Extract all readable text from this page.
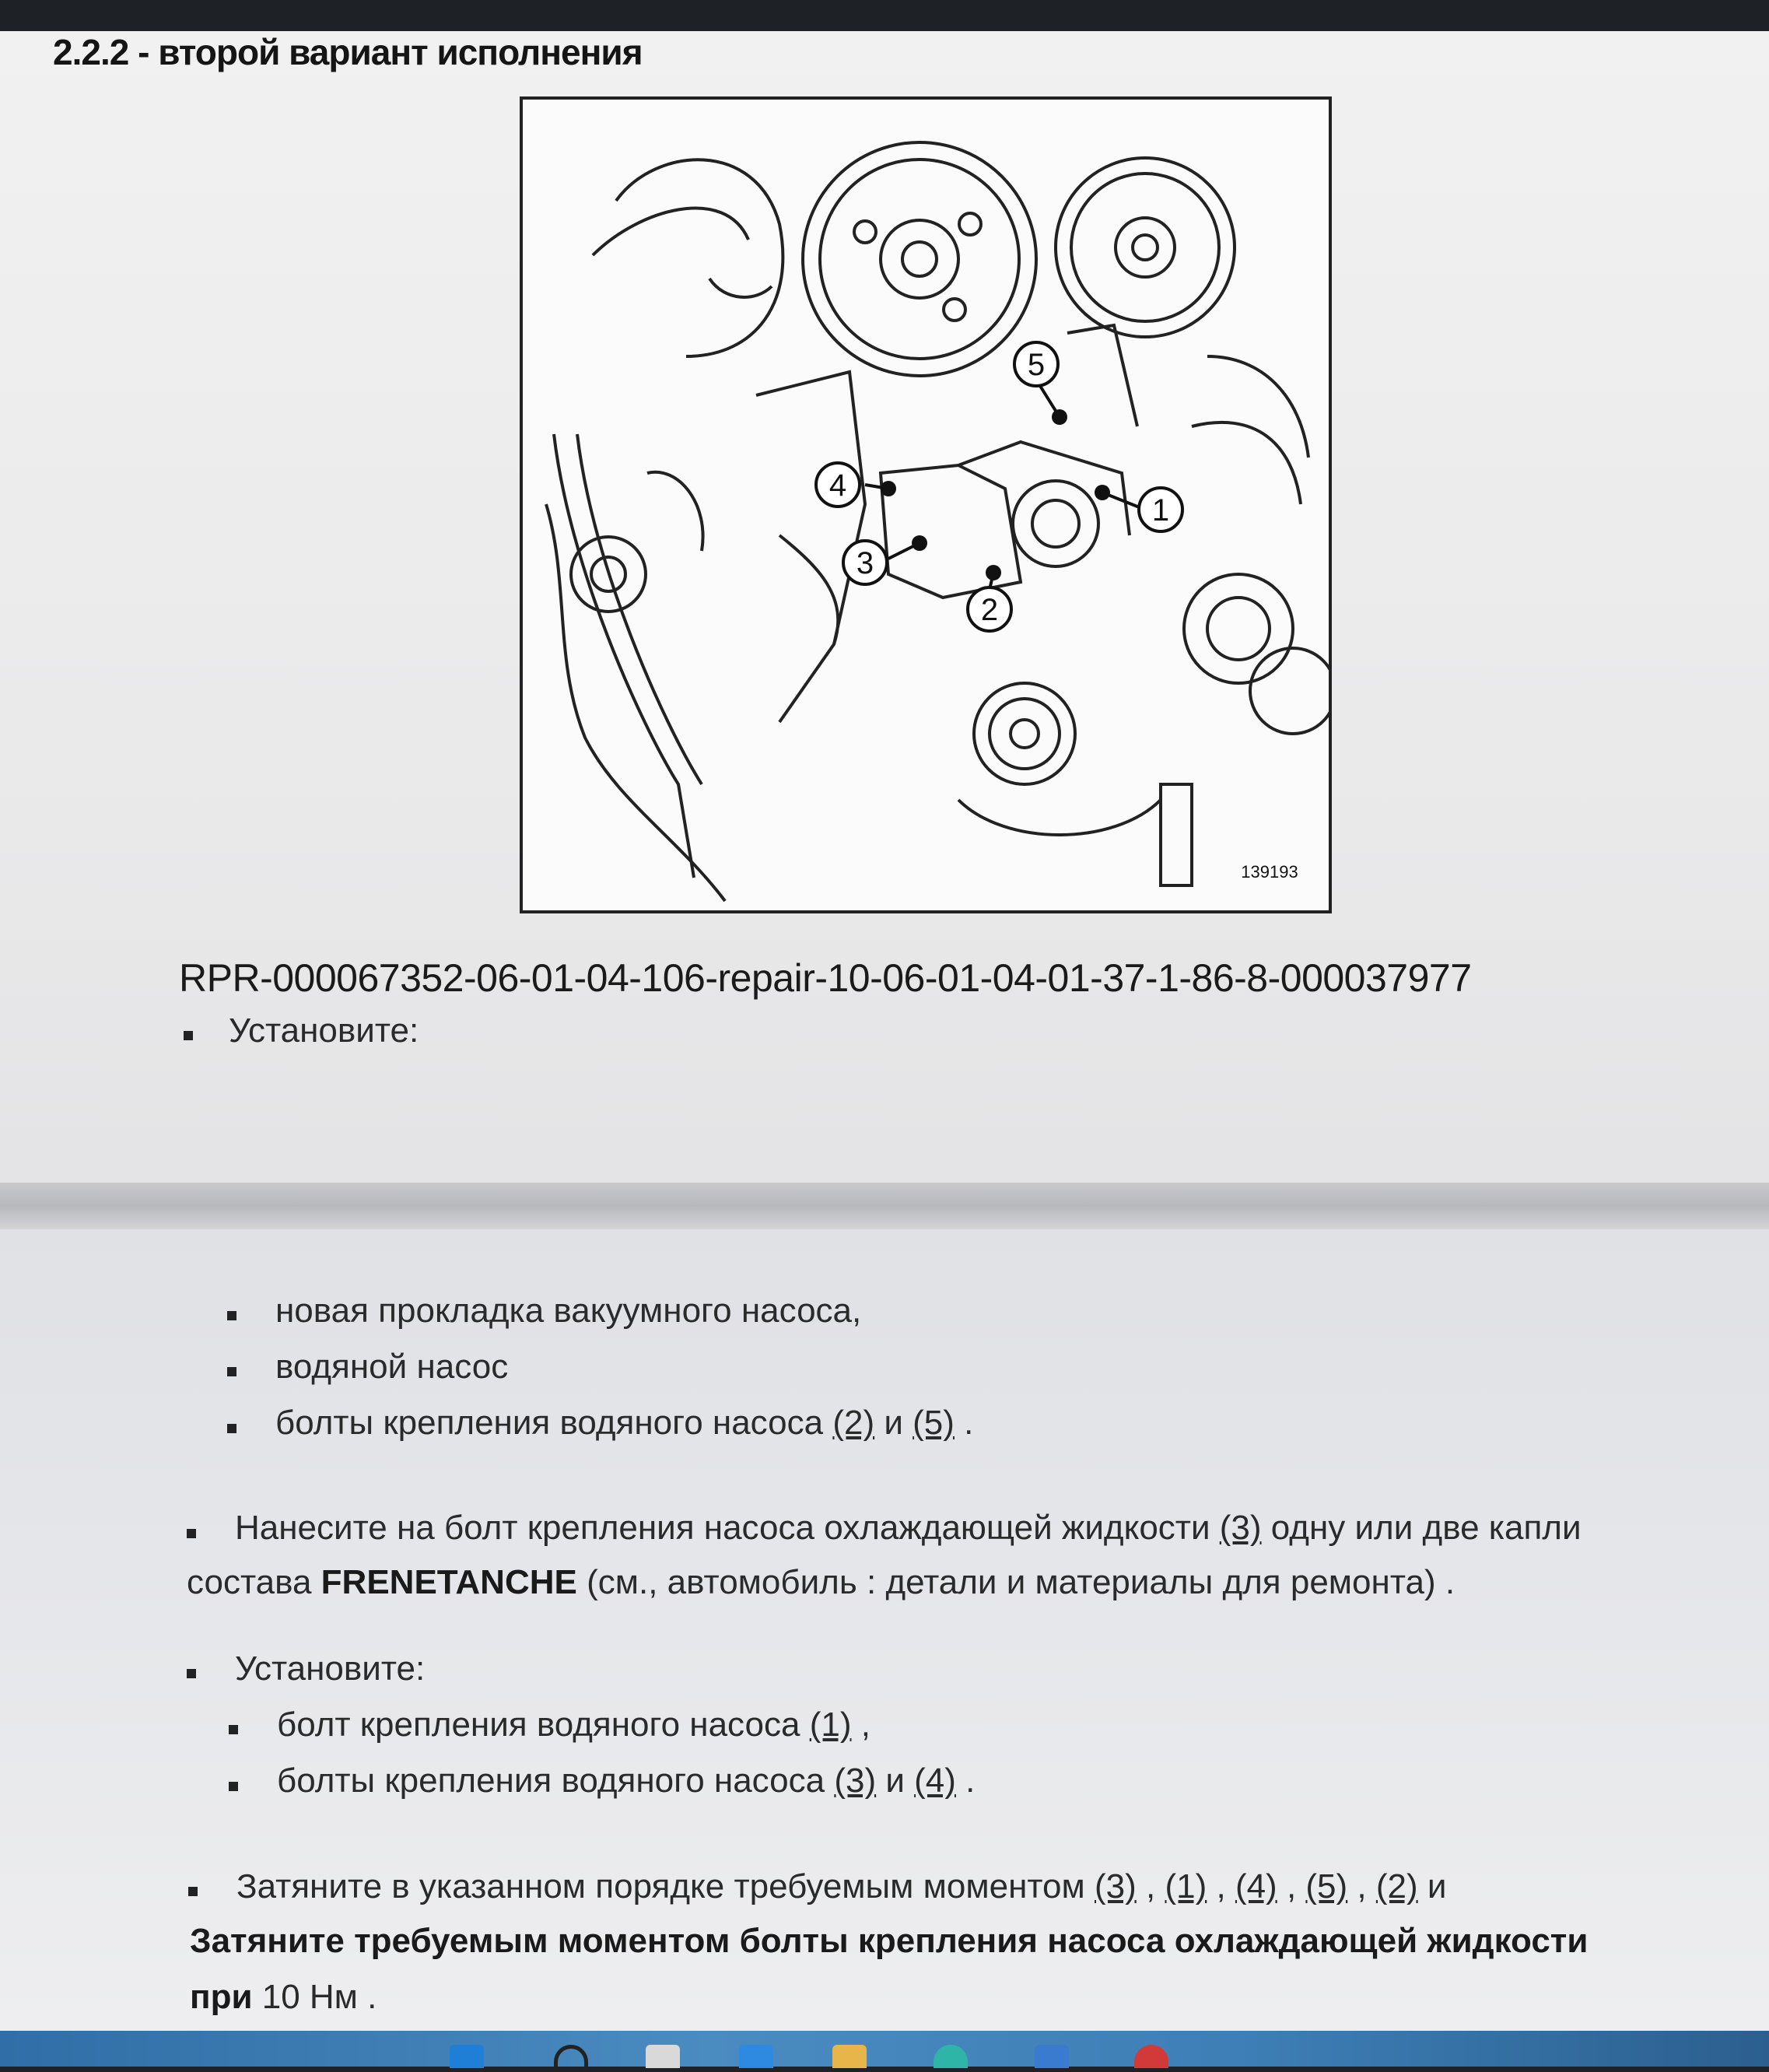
2.2.2 - второй вариант исполнения
4
3
2
5
1
139193
RPR-000067352-06-01-04-106-repair-10-06-01-04-01-37-1-86-8-000037977
Установите:
новая прокладка вакуумного насоса,
водяной насос
болты крепления водяного насоса (2) и (5) .
Нанесите на болт крепления насоса охлаждающей жидкости (3) одну или две капли
состава FRENETANCHE (см., автомобиль : детали и материалы для ремонта) .
Установите:
болт крепления водяного насоса (1) ,
болты крепления водяного насоса (3) и (4) .
Затяните в указанном порядке требуемым моментом (3) , (1) , (4) , (5) , (2) и
Затяните требуемым моментом болты крепления насоса охлаждающей жидкости
при 10 Нм .
